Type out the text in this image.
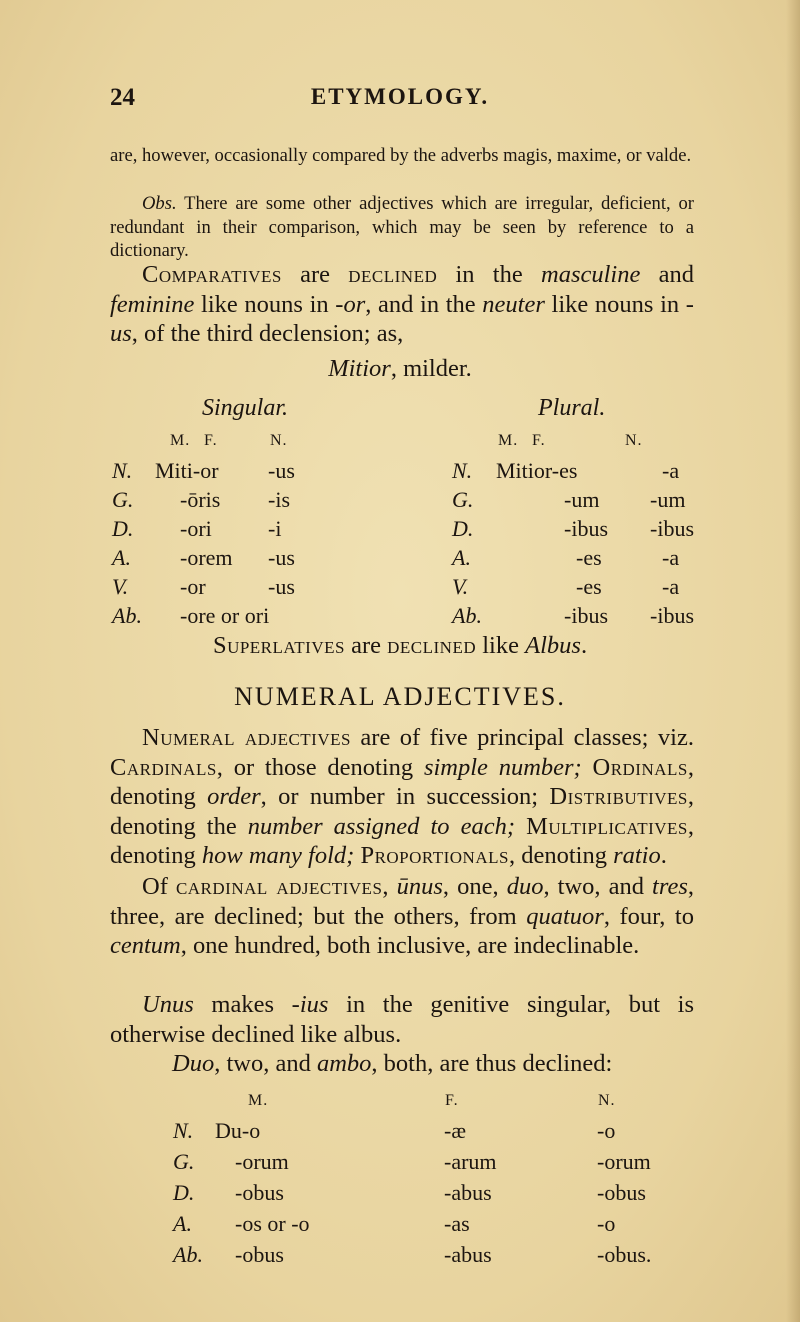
24	ETYMOLOGY.
are, however, occasionally compared by the adverbs magis, maxime, or valde.
Obs. There are some other adjectives which are irregular, deficient, or redundant in their comparison, which may be seen by reference to a dictionary.
Comparatives are declined in the masculine and feminine like nouns in -or, and in the neuter like nouns in -us, of the third declension; as,
Mitior, milder.
Singular.	Plural.
M. F.	N.	M. F.	N.
N. Miti-or -us
G. -ōris -is
D. -ori	-i
A. -orem -us
V. -or	-us
Ab. -ore or ori
N. Mitior-es	-a
G.	-um -um
D.	-ibus -ibus
A.	-es	-a
V.	-es	-a
Ab.	-ibus -ibus
Superlatives are declined like Albus.
NUMERAL ADJECTIVES.
Numeral adjectives are of five principal classes; viz. Cardinals, or those denoting simple number; Ordinals, denoting order, or number in succession; Distributives, denoting the number assigned to each; Multiplicatives, denoting how many fold; Proportionals, denoting ratio.
Of cardinal adjectives, ūnus, one, duo, two, and tres, three, are declined; but the others, from quatuor, four, to centum, one hundred, both inclusive, are indeclinable.
Unus makes -ius in the genitive singular, but is otherwise declined like albus.
Duo, two, and ambo, both, are thus declined:
M.	F.	N.
N. Du-o	-æ	-o
G. -orum	-arum	-orum
D. -obus	-abus	-obus
A. -os or -o	-as	-o
Ab. -obus	-abus	-obus.
